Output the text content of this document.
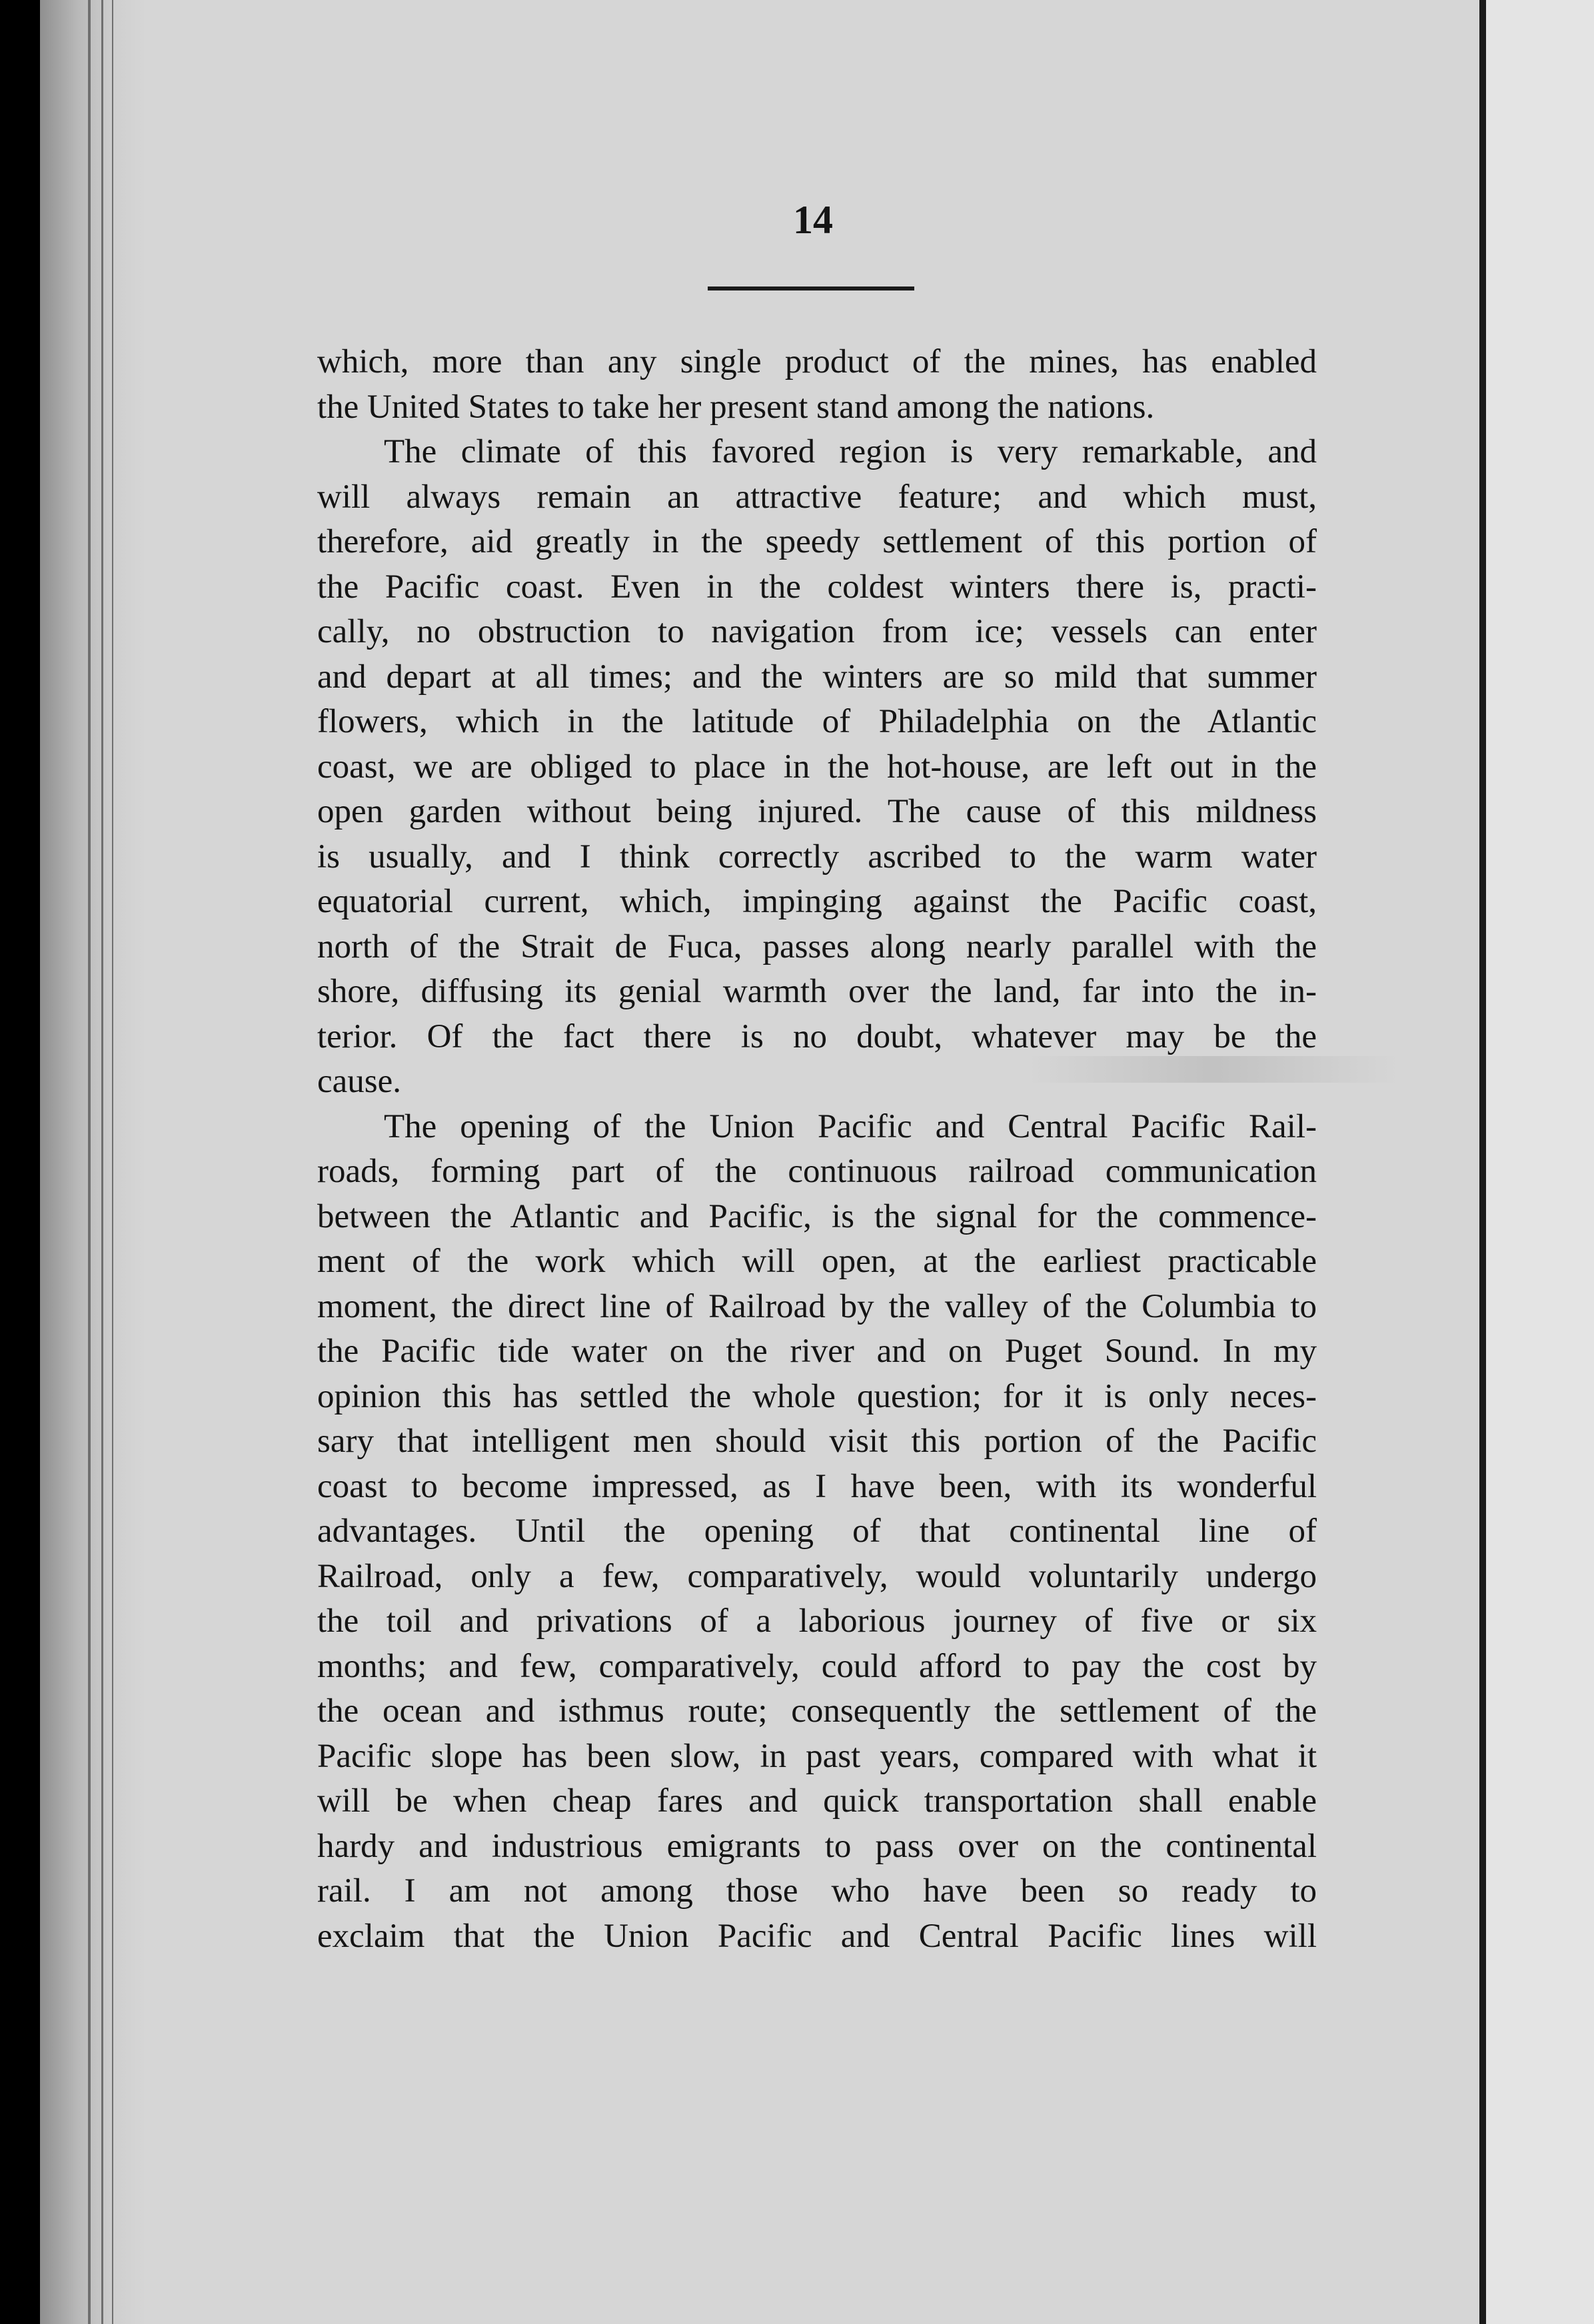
14

which, more than any single product of the mines, has enabled

the United States to take her present stand among the nations.

The climate of this favored region is very remarkable, and

will always remain an attractive feature; and which must,

therefore, aid greatly in the speedy settlement of this portion of

the Pacific coast. Even in the coldest winters there is, practi-

cally, no obstruction to navigation from ice; vessels can enter

and depart at all times; and the winters are so mild that summer

flowers, which in the latitude of Philadelphia on the Atlantic

coast, we are obliged to place in the hot-house, are left out in the

open garden without being injured. The cause of this mildness

is usually, and I think correctly ascribed to the warm water

equatorial current, which, impinging against the Pacific coast,

north of the Strait de Fuca, passes along nearly parallel with the

shore, diffusing its genial warmth over the land, far into the in-

terior. Of the fact there is no doubt, whatever may be the

cause.

The opening of the Union Pacific and Central Pacific Rail-

roads, forming part of the continuous railroad communication

between the Atlantic and Pacific, is the signal for the commence-

ment of the work which will open, at the earliest practicable

moment, the direct line of Railroad by the valley of the Columbia to

the Pacific tide water on the river and on Puget Sound. In my

opinion this has settled the whole question; for it is only neces-

sary that intelligent men should visit this portion of the Pacific

coast to become impressed, as I have been, with its wonderful

advantages. Until the opening of that continental line of

Railroad, only a few, comparatively, would voluntarily undergo

the toil and privations of a laborious journey of five or six

months; and few, comparatively, could afford to pay the cost by

the ocean and isthmus route; consequently the settlement of the

Pacific slope has been slow, in past years, compared with what it

will be when cheap fares and quick transportation shall enable

hardy and industrious emigrants to pass over on the continental

rail. I am not among those who have been so ready to

exclaim that the Union Pacific and Central Pacific lines will
